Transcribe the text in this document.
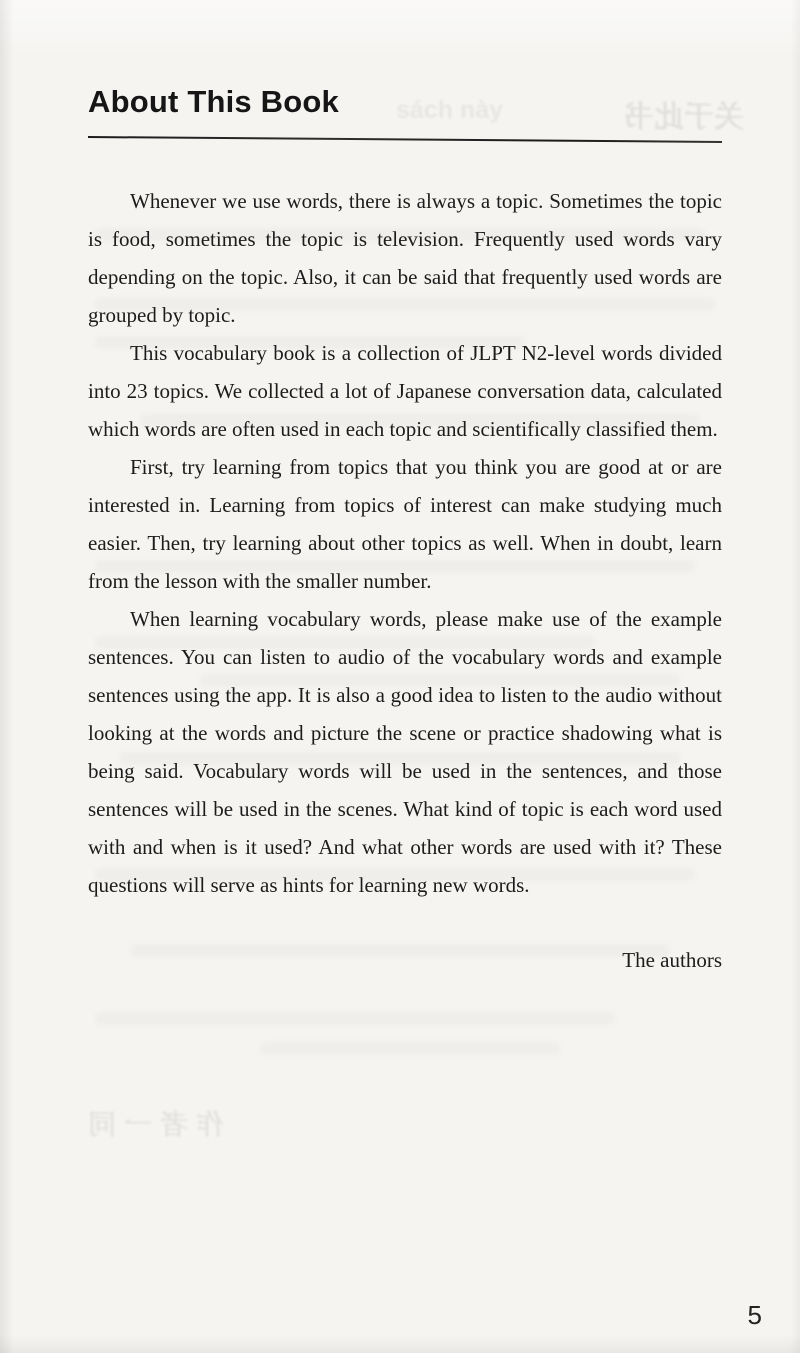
关于此书
sách này
作者一同
About This Book

Whenever we use words, there is always a topic. Sometimes the topic is food, sometimes the topic is television. Frequently used words vary depending on the topic. Also, it can be said that frequently used words are grouped by topic.

This vocabulary book is a collection of JLPT N2-level words divided into 23 topics. We collected a lot of Japanese conversation data, calculated which words are often used in each topic and scientifically classified them.

First, try learning from topics that you think you are good at or are interested in. Learning from topics of interest can make studying much easier. Then, try learning about other topics as well. When in doubt, learn from the lesson with the smaller number.

When learning vocabulary words, please make use of the example sentences. You can listen to audio of the vocabulary words and example sentences using the app. It is also a good idea to listen to the audio without looking at the words and picture the scene or practice shadowing what is being said. Vocabulary words will be used in the sentences, and those sentences will be used in the scenes. What kind of topic is each word used with and when is it used? And what other words are used with it? These questions will serve as hints for learning new words.

The authors
5
